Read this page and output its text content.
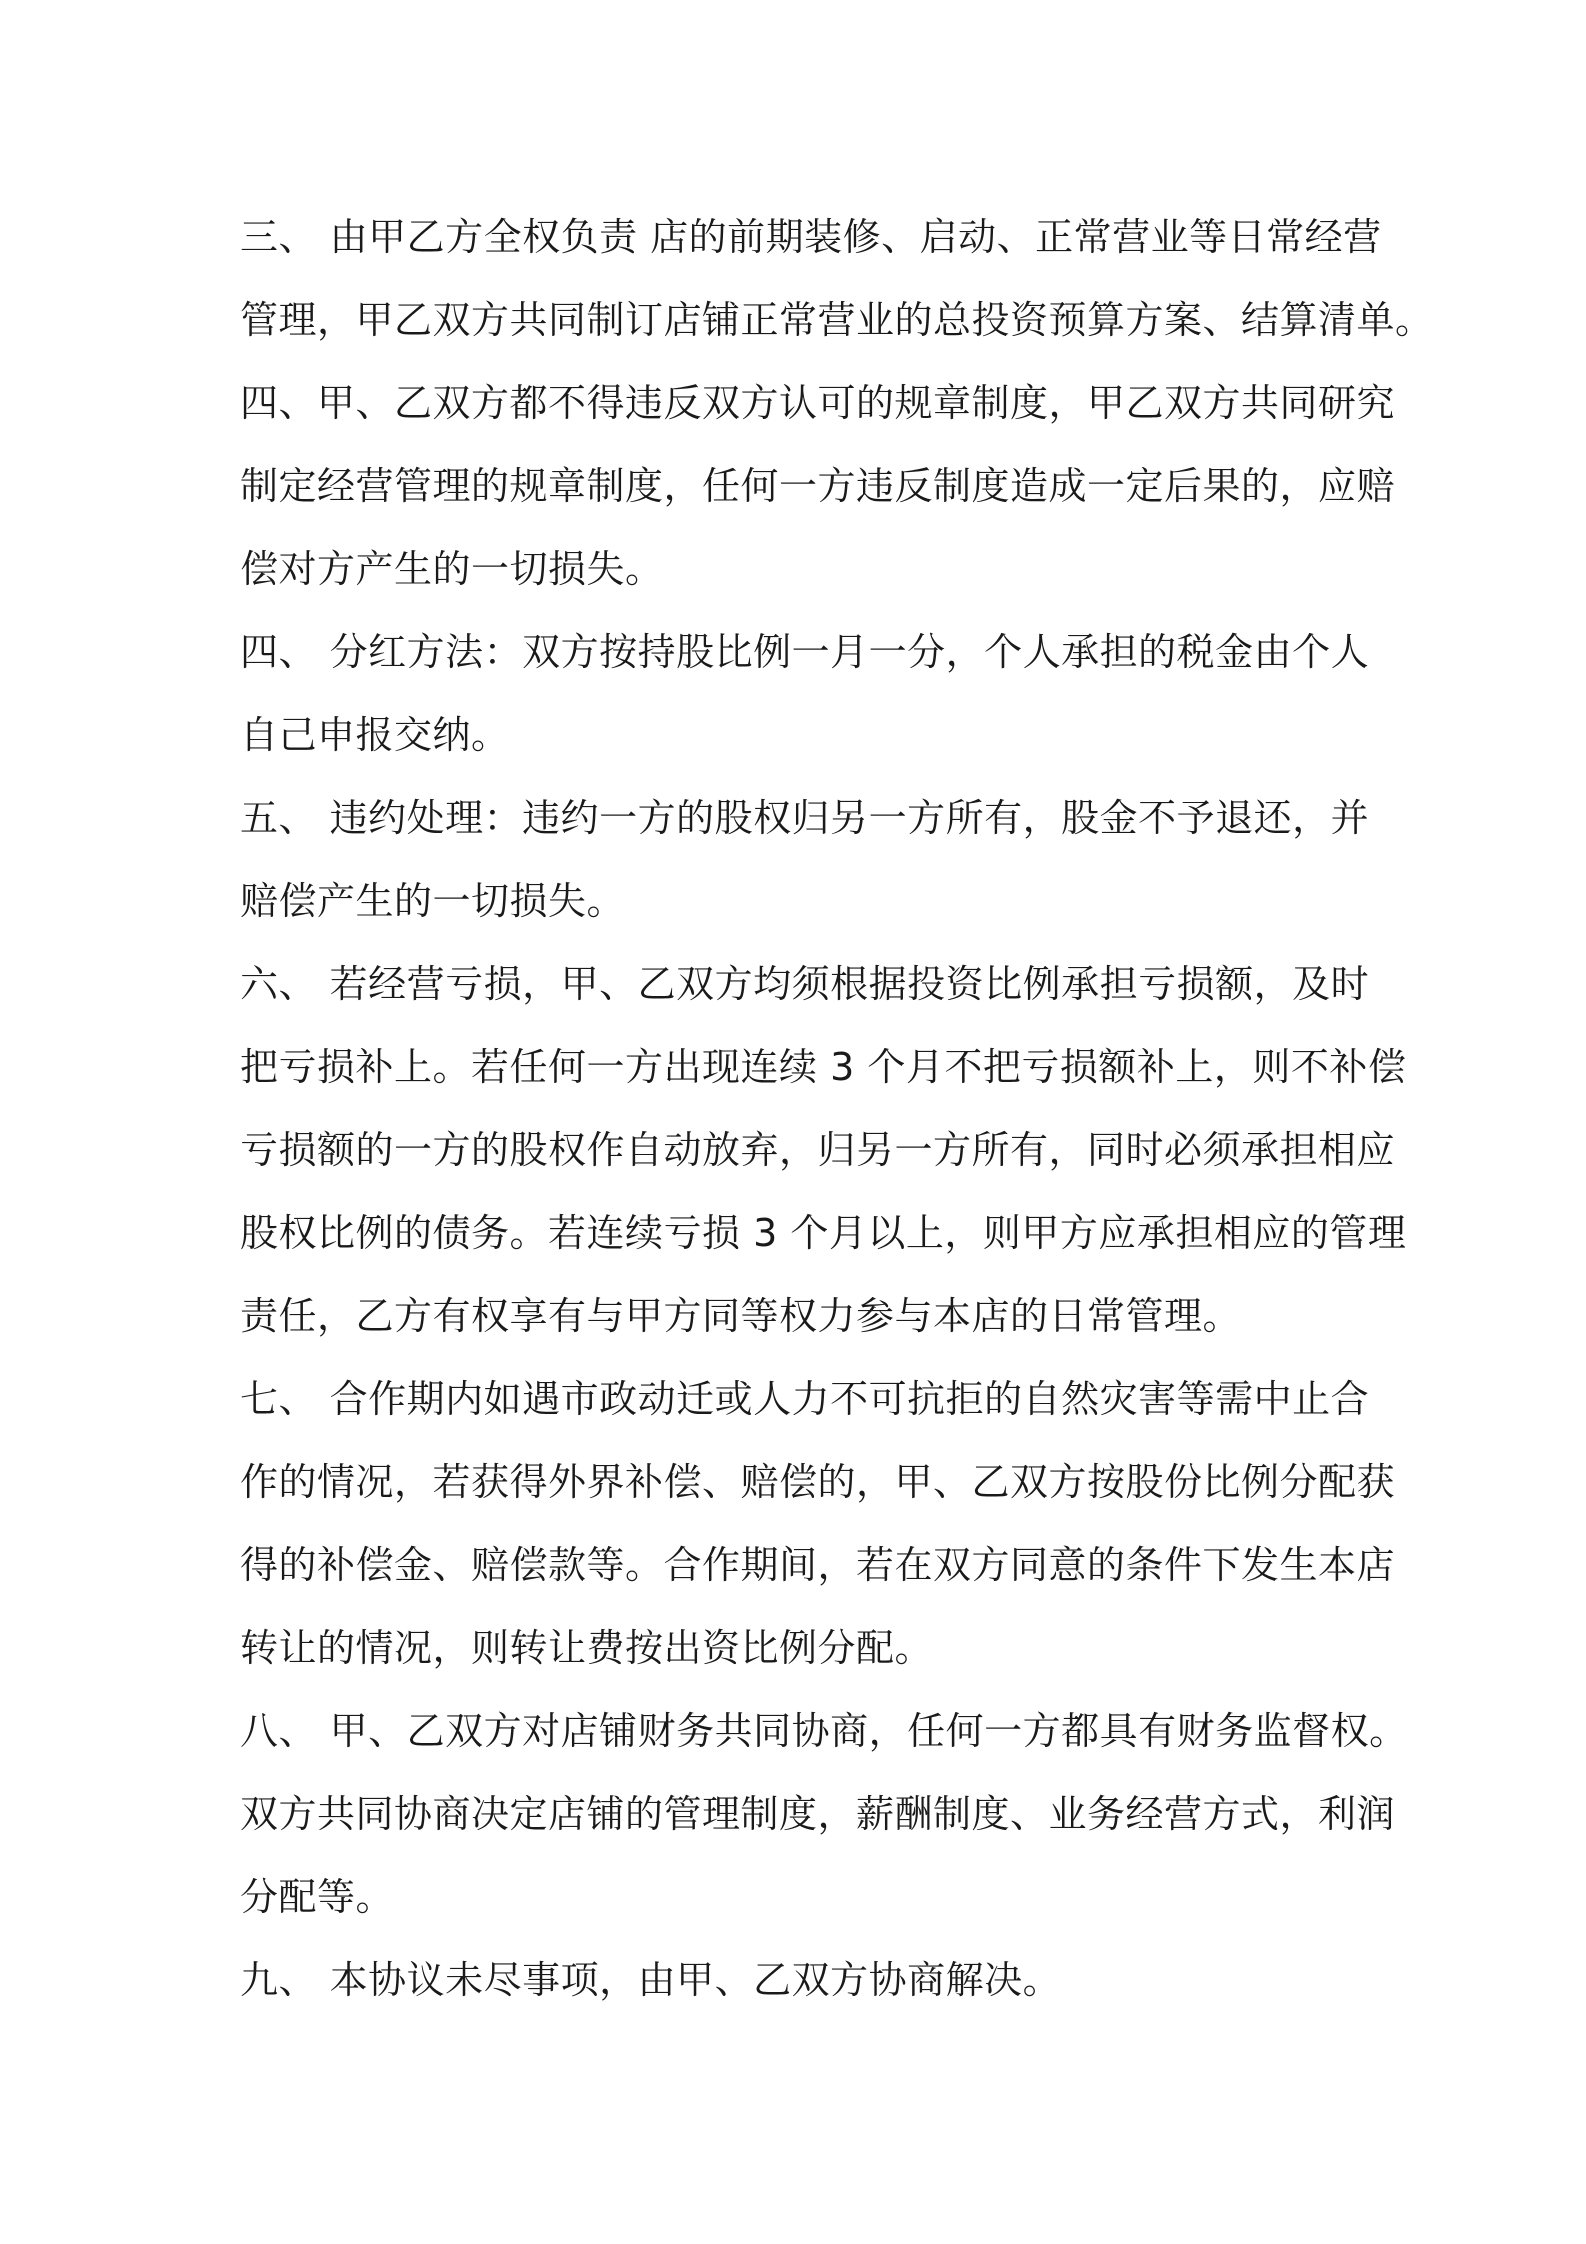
三、 由甲乙方全权负责 店的前期装修、启动、正常营业等日常经营
管理，甲乙双方共同制订店铺正常营业的总投资预算方案、结算清单。
四、甲、乙双方都不得违反双方认可的规章制度，甲乙双方共同研究
制定经营管理的规章制度，任何一方违反制度造成一定后果的，应赔
偿对方产生的一切损失。
四、 分红方法：双方按持股比例一月一分，个人承担的税金由个人
自己申报交纳。
五、 违约处理：违约一方的股权归另一方所有，股金不予退还，并
赔偿产生的一切损失。
六、 若经营亏损，甲、乙双方均须根据投资比例承担亏损额，及时
把亏损补上。若任何一方出现连续 3 个月不把亏损额补上，则不补偿
亏损额的一方的股权作自动放弃，归另一方所有，同时必须承担相应
股权比例的债务。若连续亏损 3 个月以上，则甲方应承担相应的管理
责任，乙方有权享有与甲方同等权力参与本店的日常管理。
七、 合作期内如遇市政动迁或人力不可抗拒的自然灾害等需中止合
作的情况，若获得外界补偿、赔偿的，甲、乙双方按股份比例分配获
得的补偿金、赔偿款等。合作期间，若在双方同意的条件下发生本店
转让的情况，则转让费按出资比例分配。
八、 甲、乙双方对店铺财务共同协商，任何一方都具有财务监督权。
双方共同协商决定店铺的管理制度，薪酬制度、业务经营方式，利润
分配等。
九、 本协议未尽事项，由甲、乙双方协商解决。
